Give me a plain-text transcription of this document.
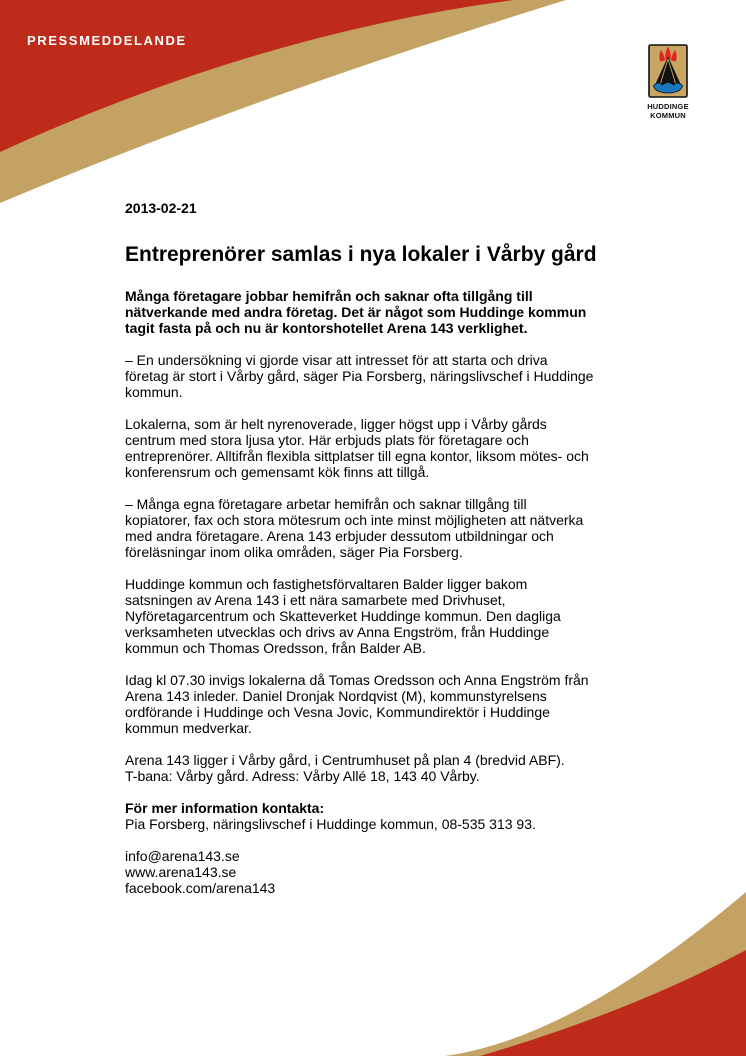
PRESSMEDDELANDE
HUDDINGE
KOMMUN
2013-02-21
Entreprenörer samlas i nya lokaler i Vårby gård
Många företagare jobbar hemifrån och saknar ofta tillgång till
nätverkande med andra företag. Det är något som Huddinge kommun
tagit fasta på och nu är kontorshotellet Arena 143 verklighet.
– En undersökning vi gjorde visar att intresset för att starta och driva
företag är stort i Vårby gård, säger Pia Forsberg, näringslivschef i Huddinge
kommun.
Lokalerna, som är helt nyrenoverade, ligger högst upp i Vårby gårds
centrum med stora ljusa ytor. Här erbjuds plats för företagare och
entreprenörer. Alltifrån flexibla sittplatser till egna kontor, liksom mötes- och
konferensrum och gemensamt kök finns att tillgå.
– Många egna företagare arbetar hemifrån och saknar tillgång till
kopiatorer, fax och stora mötesrum och inte minst möjligheten att nätverka
med andra företagare. Arena 143 erbjuder dessutom utbildningar och
föreläsningar inom olika områden, säger Pia Forsberg.
Huddinge kommun och fastighetsförvaltaren Balder ligger bakom
satsningen av Arena 143 i ett nära samarbete med Drivhuset,
Nyföretagarcentrum och Skatteverket Huddinge kommun. Den dagliga
verksamheten utvecklas och drivs av Anna Engström, från Huddinge
kommun och Thomas Oredsson, från Balder AB.
Idag kl 07.30 invigs lokalerna då Tomas Oredsson och Anna Engström från
Arena 143 inleder. Daniel Dronjak Nordqvist (M), kommunstyrelsens
ordförande i Huddinge och Vesna Jovic, Kommundirektör i Huddinge
kommun medverkar.
Arena 143 ligger i Vårby gård, i Centrumhuset på plan 4 (bredvid ABF).
T-bana: Vårby gård. Adress: Vårby Allé 18, 143 40 Vårby.
För mer information kontakta:
Pia Forsberg, näringslivschef i Huddinge kommun, 08-535 313 93.
info@arena143.se
www.arena143.se
facebook.com/arena143
